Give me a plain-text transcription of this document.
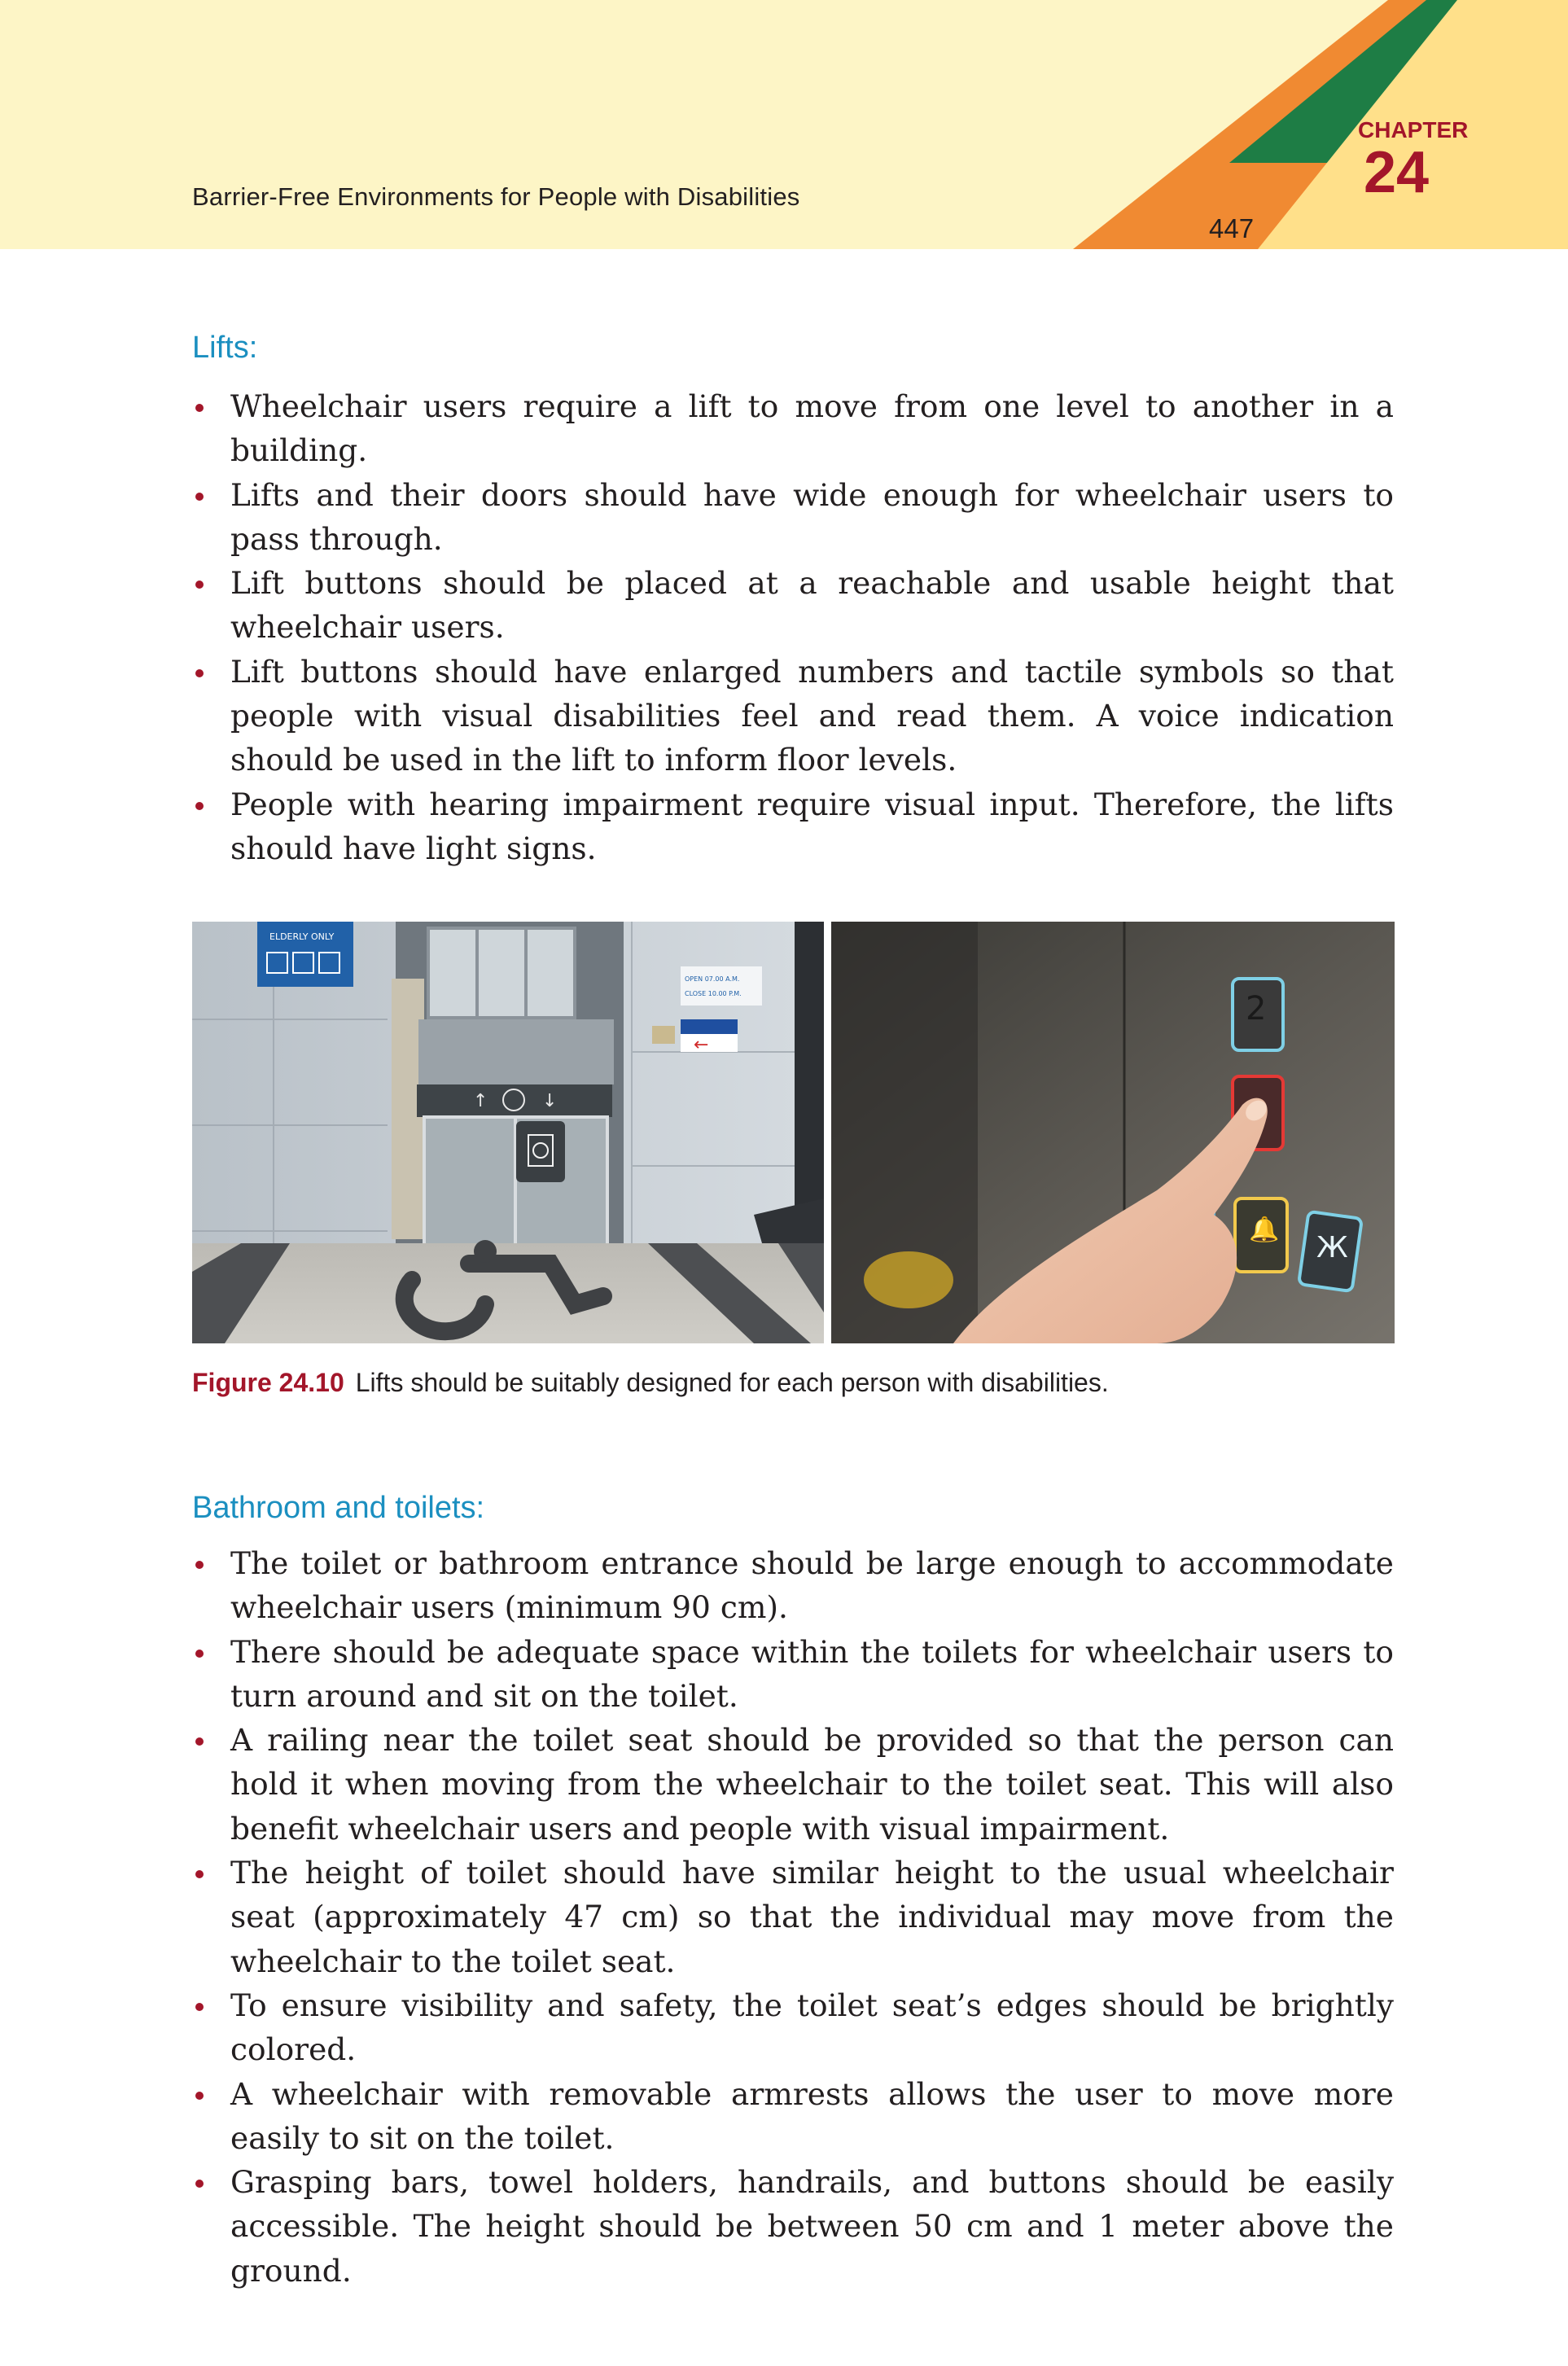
Barrier-Free Environments for People with Disabilities
CHAPTER
24
447
Lifts:
Wheelchair users require a lift to move from one level to another in a building.
Lifts and their doors should have wide enough for wheelchair users to pass through.
Lift buttons should be placed at a reachable and usable height that wheelchair users.
Lift buttons should have enlarged numbers and tactile symbols so that people with visual disabilities feel and read them. A voice indication should be used in the lift to inform floor levels.
People with hearing impairment require visual input. Therefore, the lifts should have light signs.
↑	↓
ELDERLY ONLY
OPEN 07.00 A.M.
CLOSE 10.00 P.M.
←
2
🔔
Ж
Figure 24.10 Lifts should be suitably designed for each person with disabilities.
Bathroom and toilets:
The toilet or bathroom entrance should be large enough to accommodate wheelchair users (minimum 90 cm).
There should be adequate space within the toilets for wheelchair users to turn around and sit on the toilet.
A railing near the toilet seat should be provided so that the person can hold it when moving from the wheelchair to the toilet seat. This will also benefit wheelchair users and people with visual impairment.
The height of toilet should have similar height to the usual wheelchair seat (approximately 47 cm) so that the individual may move from the wheelchair to the toilet seat.
To ensure visibility and safety, the toilet seat’s edges should be brightly colored.
A wheelchair with removable armrests allows the user to move more easily to sit on the toilet.
Grasping bars, towel holders, handrails, and buttons should be easily accessible. The height should be between 50 cm and 1 meter above the ground.
